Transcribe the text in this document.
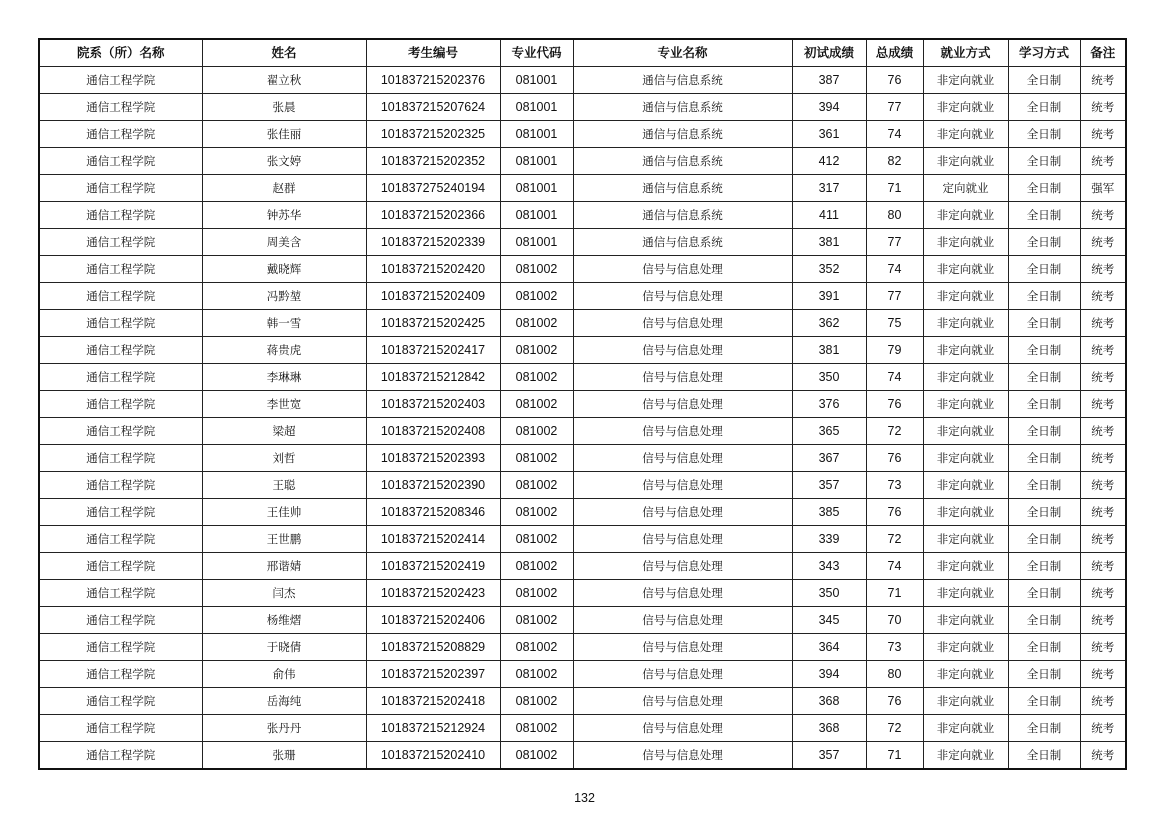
院系（所）名称	姓名	考生编号	专业代码	专业名称	初试成绩	总成绩	就业方式	学习方式	备注
通信工程学院	翟立秋	101837215202376	081001	通信与信息系统	387	76	非定向就业	全日制	统考
通信工程学院	张晨	101837215207624	081001	通信与信息系统	394	77	非定向就业	全日制	统考
通信工程学院	张佳丽	101837215202325	081001	通信与信息系统	361	74	非定向就业	全日制	统考
通信工程学院	张文婷	101837215202352	081001	通信与信息系统	412	82	非定向就业	全日制	统考
通信工程学院	赵群	101837275240194	081001	通信与信息系统	317	71	定向就业	全日制	强军
通信工程学院	钟苏华	101837215202366	081001	通信与信息系统	411	80	非定向就业	全日制	统考
通信工程学院	周美含	101837215202339	081001	通信与信息系统	381	77	非定向就业	全日制	统考
通信工程学院	戴晓辉	101837215202420	081002	信号与信息处理	352	74	非定向就业	全日制	统考
通信工程学院	冯黔堃	101837215202409	081002	信号与信息处理	391	77	非定向就业	全日制	统考
通信工程学院	韩一雪	101837215202425	081002	信号与信息处理	362	75	非定向就业	全日制	统考
通信工程学院	蒋贵虎	101837215202417	081002	信号与信息处理	381	79	非定向就业	全日制	统考
通信工程学院	李琳琳	101837215212842	081002	信号与信息处理	350	74	非定向就业	全日制	统考
通信工程学院	李世宽	101837215202403	081002	信号与信息处理	376	76	非定向就业	全日制	统考
通信工程学院	梁超	101837215202408	081002	信号与信息处理	365	72	非定向就业	全日制	统考
通信工程学院	刘哲	101837215202393	081002	信号与信息处理	367	76	非定向就业	全日制	统考
通信工程学院	王聪	101837215202390	081002	信号与信息处理	357	73	非定向就业	全日制	统考
通信工程学院	王佳帅	101837215208346	081002	信号与信息处理	385	76	非定向就业	全日制	统考
通信工程学院	王世鹏	101837215202414	081002	信号与信息处理	339	72	非定向就业	全日制	统考
通信工程学院	邢谐婧	101837215202419	081002	信号与信息处理	343	74	非定向就业	全日制	统考
通信工程学院	闫杰	101837215202423	081002	信号与信息处理	350	71	非定向就业	全日制	统考
通信工程学院	杨维熠	101837215202406	081002	信号与信息处理	345	70	非定向就业	全日制	统考
通信工程学院	于晓倩	101837215208829	081002	信号与信息处理	364	73	非定向就业	全日制	统考
通信工程学院	俞伟	101837215202397	081002	信号与信息处理	394	80	非定向就业	全日制	统考
通信工程学院	岳海纯	101837215202418	081002	信号与信息处理	368	76	非定向就业	全日制	统考
通信工程学院	张丹丹	101837215212924	081002	信号与信息处理	368	72	非定向就业	全日制	统考
通信工程学院	张珊	101837215202410	081002	信号与信息处理	357	71	非定向就业	全日制	统考
132
